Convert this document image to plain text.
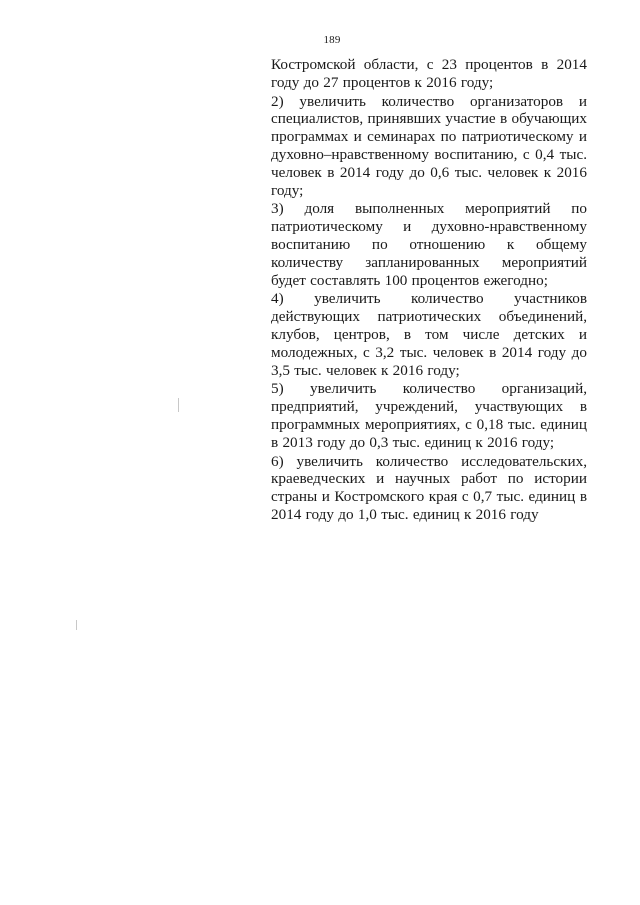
189

Костромской области, с 23 процентов в 2014 году до 27 процентов к 2016 году;

2) увеличить количество организаторов и специалистов, принявших участие в обучающих программах и семинарах по патриотическому и духовно–нравственному воспитанию, с 0,4 тыс. человек в 2014 году до 0,6 тыс. человек к 2016 году;

3) доля выполненных мероприятий по патриотическому и духовно-нравственному воспитанию по отношению к общему количеству запланированных мероприятий будет составлять 100 процентов ежегодно;

4) увеличить количество участников действующих патриотических объединений, клубов, центров, в том числе детских и молодежных, с 3,2 тыс. человек в 2014 году до 3,5 тыс. человек к 2016 году;

5) увеличить количество организаций, предприятий, учреждений, участвующих в программных мероприятиях, с 0,18 тыс. единиц в 2013 году до 0,3 тыс. единиц к 2016 году;

6) увеличить количество исследовательских, краеведческих и научных работ по истории страны и Костромского края с 0,7 тыс. единиц в 2014 году до 1,0 тыс. единиц к 2016 году
